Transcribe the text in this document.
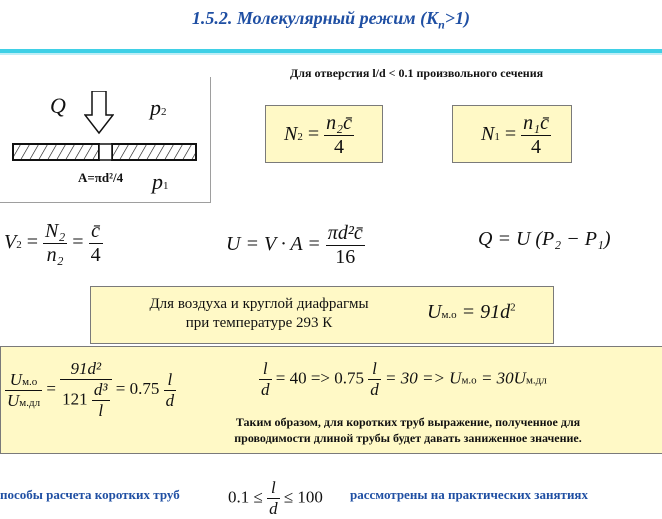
1.5.2. Молекулярный режим $(K_n>1)$
Для отверстия l/d < 0.1 произвольного сечения
Q	p2
A=πd²/4 p1
$N2 = \frac{\text{n₂c̄}}{4}$	$N1 = \frac{\text{n₁c̄}}{4}$
$V2 = \frac{\text{N₂}}{\text{n₂}} = \frac{c̄}{4}$	$U = V \cdot A = \frac{\text{πd²c̄}}{16}$	Q = U (P₂ − P₁)
Для воздуха и круглой диафрагмы
при температуре 293 К	$Uм.о = 91d^2$
$\frac{Uм.о}{Uм.дл} = \frac{\text{91d²}}{121 \frac{\text{d³}}{l}} = 0.75 \frac{l}{d}$	$\frac{l}{d} = 40 => 0.75 \frac{l}{d} = 30 => Uм.о = 30Uм.дл$
Таким образом, для коротких труб выражение, полученное для
проводимости длиной трубы будет давать заниженное значение.
пособы расчета коротких труб	$0.1 \le \frac{l}{d} \le 100$ рассмотрены на практических занятиях
